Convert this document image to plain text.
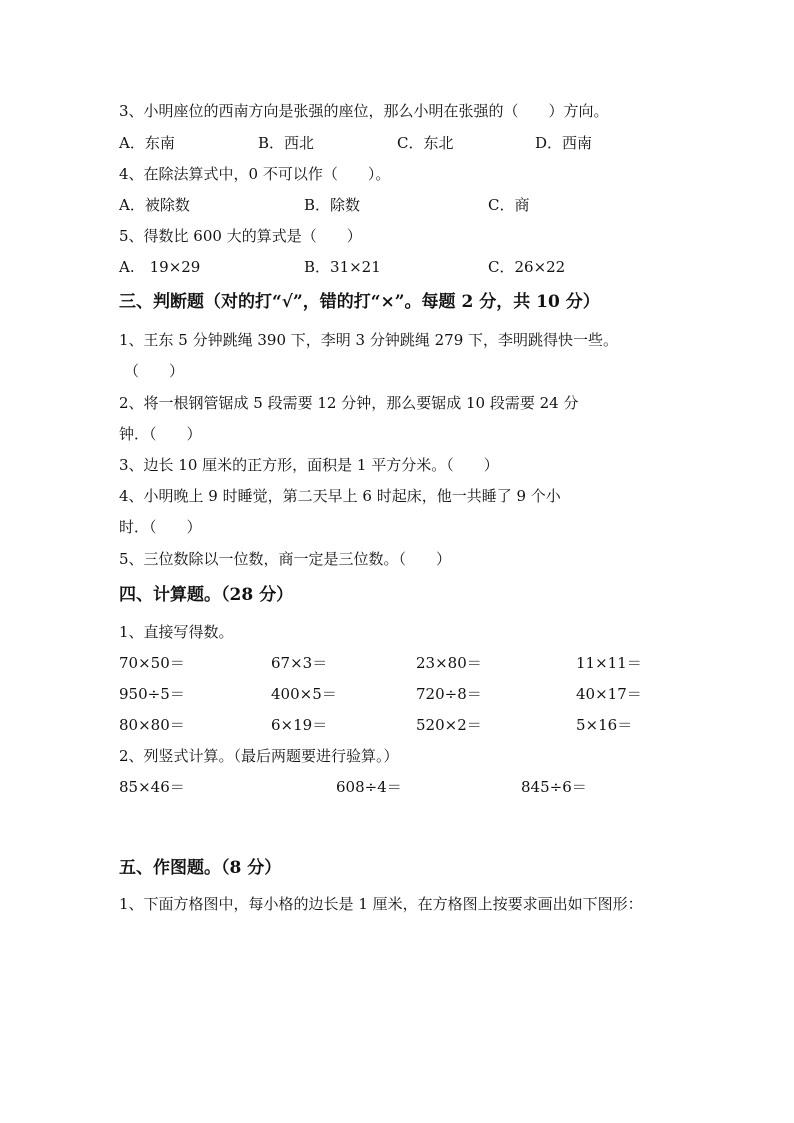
3、小明座位的西南方向是张强的座位，那么小明在张强的（　　）方向。
A．东南	B．西北	C．东北	D．西南
4、在除法算式中，0 不可以作（　　）。
A．被除数	B．除数	C．商
5、得数比 600 大的算式是（　　）
A.　19×29	B．31×21	C．26×22
三、判断题（对的打“√”，错的打“×”。每题 2 分，共 10 分）
1、王东 5 分钟跳绳 390 下，李明 3 分钟跳绳 279 下，李明跳得快一些。
（　　）
2、将一根钢管锯成 5 段需要 12 分钟，那么要锯成 10 段需要 24 分
钟．（　　）
3、边长 10 厘米的正方形，面积是 1 平方分米。（　　）
4、小明晚上 9 时睡觉，第二天早上 6 时起床，他一共睡了 9 个小
时．（　　）
5、三位数除以一位数，商一定是三位数。（　　）
四、计算题。（28 分）
1、直接写得数。
70×50＝	67×3＝	23×80＝	11×11＝
950÷5＝	400×5＝	720÷8＝	40×17＝
80×80＝	6×19＝	520×2＝	5×16＝
2、列竖式计算。（最后两题要进行验算。）
85×46＝	608÷4＝	845÷6＝
五、作图题。（8 分）
1、下面方格图中，每小格的边长是 1 厘米，在方格图上按要求画出如下图形：
